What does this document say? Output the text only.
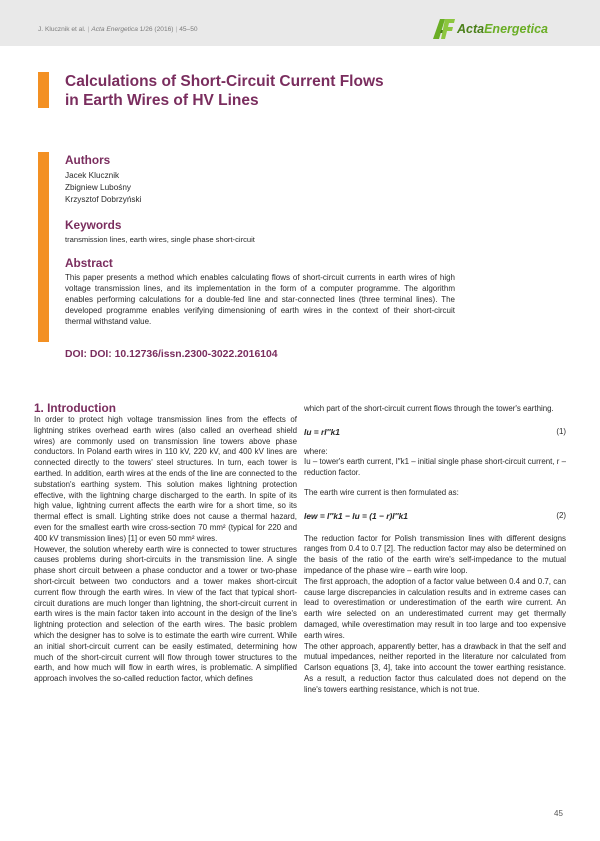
J. Klucznik et al. | Acta Energetica 1/26 (2016) | 45–50	ActaEnergetica
Calculations of Short-Circuit Current Flows
in Earth Wires of HV Lines
Authors
Jacek Klucznik
Zbigniew Lubośny
Krzysztof Dobrzyński
Keywords
transmission lines, earth wires, single phase short-circuit
Abstract
This paper presents a method which enables calculating flows of short-circuit currents in earth wires of high voltage transmission lines, and its implementation in the form of a computer programme. The algorithm enables performing calculations for a double-fed line and star-connected lines (three terminal lines). The developed programme enables verifying dimensioning of earth wires in the context of their short-circuit thermal withstand value.
DOI: DOI: 10.12736/issn.2300-3022.2016104
1. Introduction

In order to protect high voltage transmission lines from the effects of lightning strikes overhead earth wires (also called an overhead shield wires) are commonly used on transmission line towers above phase conductors. In Poland earth wires in 110 kV, 220 kV, and 400 kV lines are connected directly to the towers' steel structures. In turn, each tower is earthed. In addition, earth wires at the ends of the line are connected to the substation's earthing system. This solution makes lightning protection effective, with the lightning charge discharged to the earth. In spite of its high value, lightning current affects the earth wire for a short time, so its thermal effect is small. Lighting strike does not cause a thermal hazard, even for the smallest earth wire cross-section 70 mm² (typical for 220 and 400 kV transmission lines) [1] or even 50 mm² wires.

However, the solution whereby earth wire is connected to tower structures causes problems during short-circuits in the transmission line. A single phase short circuit between a phase conductor and a tower or two-phase short-circuit between two conductors and a tower makes short-circuit current flow through the earth wires. In view of the fact that typical short-circuit durations are much longer than lightning, the short-circuit current in earth wires is the main factor taken into account in the design of the line's lightning protection and selection of the earth wires. The basic problem which the designer has to solve is to estimate the earth wire current. While an initial short-circuit current can be easily estimated, determining how much of the short-circuit current will flow through tower structures to the earth, and how much will flow in earth wires, is problematic. A simplified approach involves the so-called reduction factor, which defines

which part of the short-circuit current flows through the tower's earthing.

Iu = rI″k1	(1)

where:

Iu – tower's earth current, I″k1 – initial single phase short-circuit current, r – reduction factor.

The earth wire current is then formulated as:

Iew = I″k1 − Iu = (1 − r)I″k1	(2)

The reduction factor for Polish transmission lines with different designs ranges from 0.4 to 0.7 [2]. The reduction factor may also be determined on the basis of the ratio of the earth wire's self-impedance to the mutual impedance of the phase wire – earth wire loop.

The first approach, the adoption of a factor value between 0.4 and 0.7, can cause large discrepancies in calculation results and in extreme cases can lead to overestimation or underestimation of the earth wire current. An earth wire selected on an underestimated current may get thermally damaged, while overestimation may result in too large and too expensive earth wires.

The other approach, apparently better, has a drawback in that the self and mutual impedances, neither reported in the literature nor calculated from Carlson equations [3, 4], take into account the tower earthing resistance. As a result, a reduction factor thus calculated does not depend on the line's towers earthing resistance, which is not true.

45
